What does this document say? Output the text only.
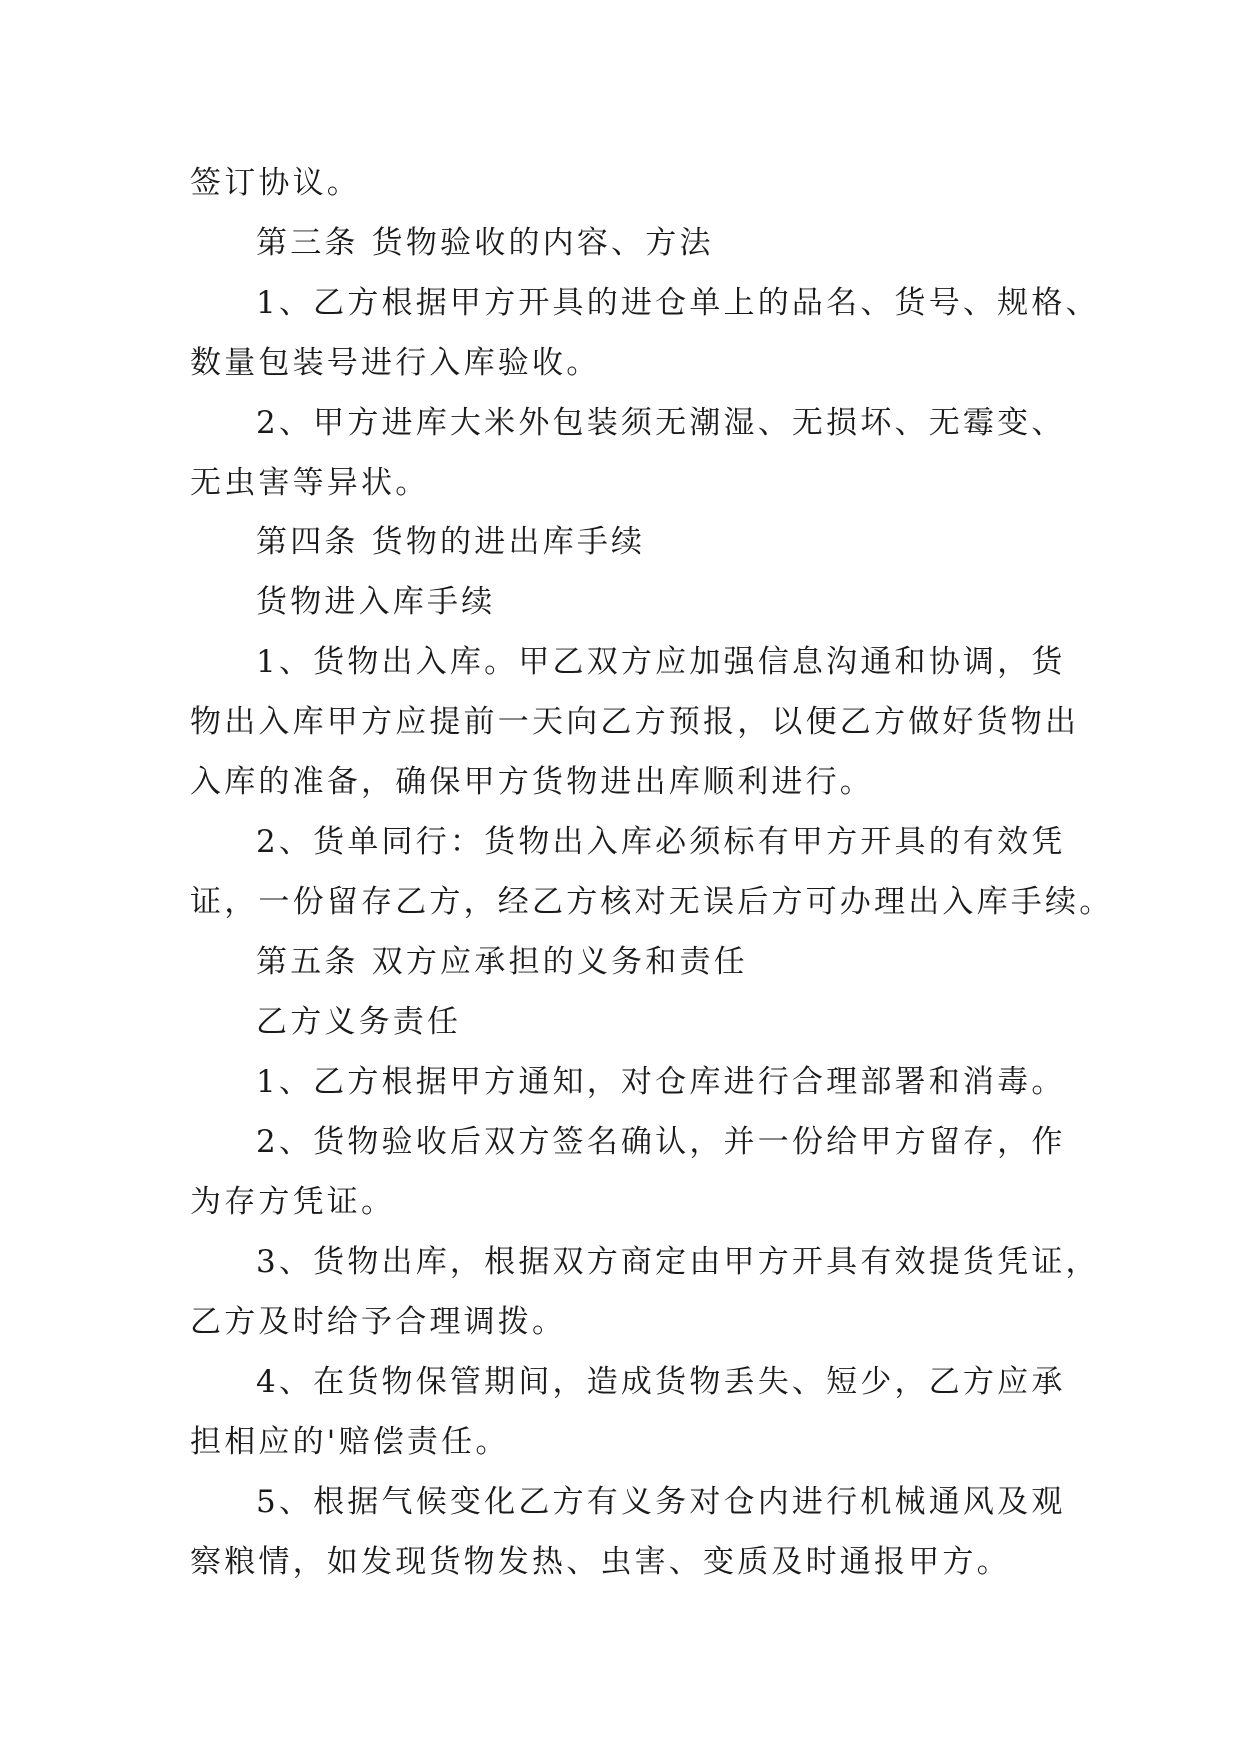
签订协议。
第三条 货物验收的内容、方法
1、乙方根据甲方开具的进仓单上的品名、货号、规格、
数量包装号进行入库验收。
2、甲方进库大米外包装须无潮湿、无损坏、无霉变、
无虫害等异状。
第四条 货物的进出库手续
货物进入库手续
1、货物出入库。甲乙双方应加强信息沟通和协调，货
物出入库甲方应提前一天向乙方预报，以便乙方做好货物出
入库的准备，确保甲方货物进出库顺利进行。
2、货单同行：货物出入库必须标有甲方开具的有效凭
证，一份留存乙方，经乙方核对无误后方可办理出入库手续。
第五条 双方应承担的义务和责任
乙方义务责任
1、乙方根据甲方通知，对仓库进行合理部署和消毒。
2、货物验收后双方签名确认，并一份给甲方留存，作
为存方凭证。
3、货物出库，根据双方商定由甲方开具有效提货凭证，
乙方及时给予合理调拨。
4、在货物保管期间，造成货物丢失、短少，乙方应承
担相应的'赔偿责任。
5、根据气候变化乙方有义务对仓内进行机械通风及观
察粮情，如发现货物发热、虫害、变质及时通报甲方。
